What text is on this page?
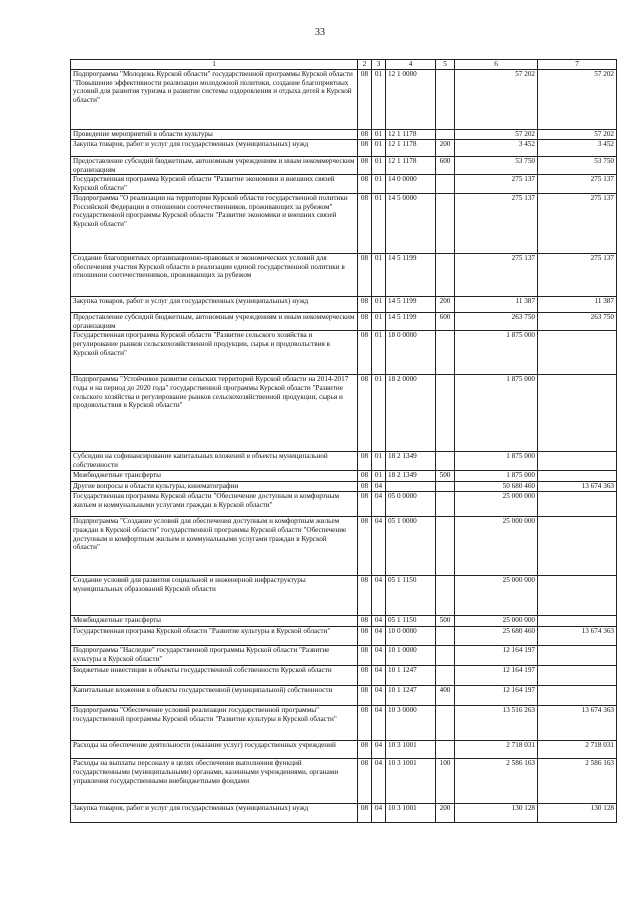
33
1	2	3	4	5	6	7
Подпрограмма "Молодежь Курской области" государственной программы Курской области "Повышение эффективности реализации молодежной политики, создание благоприятных условий для развития туризма и развитие системы оздоровления и отдыха детей в Курской области"	08	01	12 1 0000		57 202	57 202
Проведение мероприятий в области культуры	08	01	12 1 1178		57 202	57 202
Закупка товаров, работ и услуг для государственных (муниципальных) нужд	08	01	12 1 1178	200	3 452	3 452
Предоставление субсидий бюджетным, автономным учреждениям и иным некоммерческим организациям	08	01	12 1 1178	600	53 750	53 750
Государственная программа Курской области "Развитие экономики и внешних связей Курской области"	08	01	14 0 0000		275 137	275 137
Подпрограмма "О реализации на территории Курской области государственной политики Российской Федерации в отношении соотечественников, проживающих за рубежом" государственной программы Курской области "Развитие экономики и внешних связей Курской области"	08	01	14 5 0000		275 137	275 137
Создание благоприятных организационно-правовых и экономических условий для обеспечения участия Курской области в реализации единой государственной политики в отношении соотечественников, проживающих за рубежом	08	01	14 5 1199		275 137	275 137
Закупка товаров, работ и услуг для государственных (муниципальных) нужд	08	01	14 5 1199	200	11 387	11 387
Предоставление субсидий бюджетным, автономным учреждениям и иным некоммерческим организациям	08	01	14 5 1199	600	263 750	263 750
Государственная программа Курской области "Развитие сельского хозяйства и регулирование рынков сельскохозяйственной продукции, сырья и продовольствия в Курской области"	08	01	18 0 0000		1 875 000	
Подпрограмма "Устойчивое развитие сельских территорий Курской области на 2014-2017 годы и на период до 2020 года" государственной программы Курской области "Развитие сельского хозяйства и регулирование рынков сельскохозяйственной продукции, сырья и продовольствия в Курской области"	08	01	18 2 0000		1 875 000	
Субсидии на софинансирование капитальных вложений в объекты муниципальной собственности	08	01	18 2 1349		1 875 000	
Межбюджетные трансферты	08	01	18 2 1349	500	1 875 000	
Другие вопросы в области культуры, кинематографии	08	04			50 680 460	13 674 363
Государственная программа Курской области "Обеспечение доступным и комфортным жильем и коммунальными услугами граждан в Курской области"	08	04	05 0 0000		25 000 000	
Подпрограмма "Создание условий для обеспечения доступным и комфортным жильем граждан в Курской области" государственной программы Курской области "Обеспечение доступным и комфортным жильем и коммунальными услугами граждан в Курской области"	08	04	05 1 0000		25 000 000	
Создание условий для развития социальной и инженерной инфраструктуры муниципальных образований Курской области	08	04	05 1 1150		25 000 000	
Межбюджетные трансферты	08	04	05 1 1150	500	25 000 000	
Государственная програма Курской области "Развитие культуры в Курской области"	08	04	10 0 0000		25 680 460	13 674 363
Подпрограмма "Наследие" государственной программы Курской области "Развитие культуры в Курской области"	08	04	10 1 0000		12 164 197	
Бюджетные инвестиции в объекты государственной собственности Курской области	08	04	10 1 1247		12 164 197	
Капитальные вложения в объекты государственной (муниципальной) собственности	08	04	10 1 1247	400	12 164 197	
Подпрограмма "Обеспечение условий реализации государственной программы" государственной программы Курской области "Развитие культуры в Курской области"	08	04	10 3 0000		13 516 263	13 674 363
Расходы на обеспечение деятельности (оказание услуг) государственных учреждений	08	04	10 3 1001		2 718 031	2 718 031
Расходы на выплаты персоналу в целях обеспечения выполнения функций государственными (муниципальными) органами, казенными учреждениями, органами управления государственными внебюджетными фондами	08	04	10 3 1001	100	2 586 163	2 586 163
Закупка товаров, работ и услуг для государственных (муниципальных) нужд	08	04	10 3 1001	200	130 128	130 128
